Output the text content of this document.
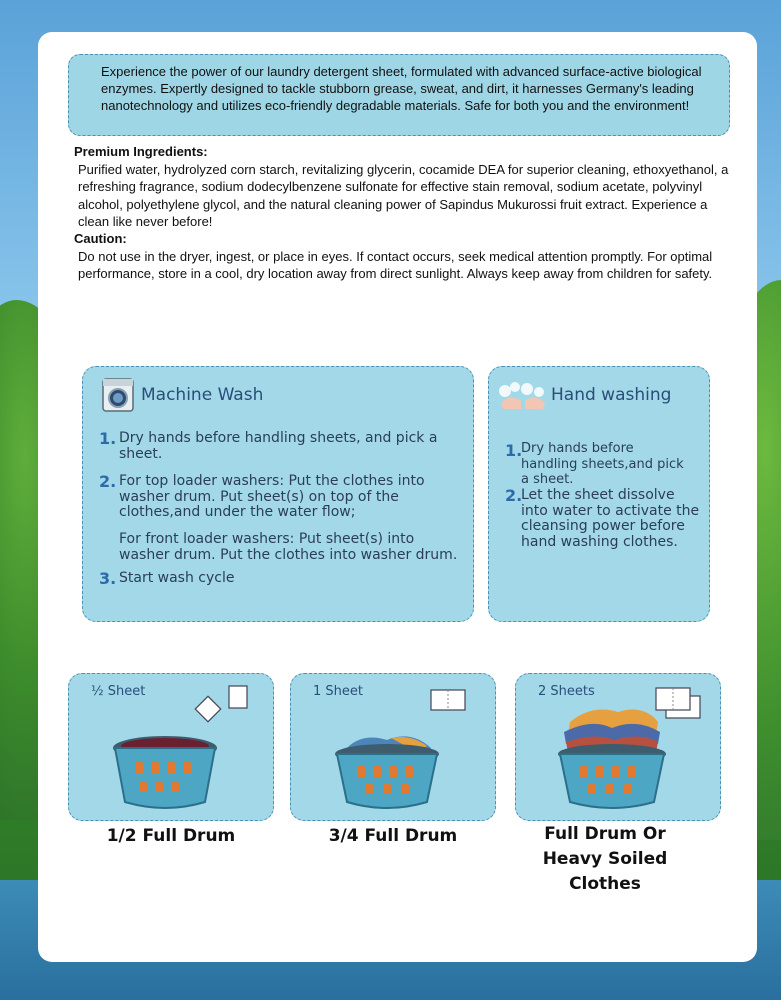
Experience the power of our laundry detergent sheet, formulated with advanced surface-active biological enzymes. Expertly designed to tackle stubborn grease, sweat, and dirt, it harnesses Germany's leading nanotechnology and utilizes eco-friendly degradable materials. Safe for both you and the environment!
Premium Ingredients:

Purified water, hydrolyzed corn starch, revitalizing glycerin, cocamide DEA for superior cleaning, ethoxyethanol, a refreshing fragrance, sodium dodecylbenzene sulfonate for effective stain removal, sodium acetate, polyvinyl alcohol, polyethylene glycol, and the natural cleaning power of Sapindus Mukurossi fruit extract. Experience a clean like never before!

Caution:

Do not use in the dryer, ingest, or place in eyes. If contact occurs, seek medical attention promptly. For optimal performance, store in a cool, dry location away from direct sunlight. Always keep away from children for safety.

Machine Wash
1. Dry hands before handling sheets, and pick a sheet.
2. For top loader washers: Put the clothes into washer drum. Put sheet(s) on top of the clothes,and under the water flow;
For front loader washers: Put sheet(s) into washer drum. Put the clothes into washer drum.
3. Start wash cycle
Hand washing
1.
Dry hands before handling sheets,and pick a sheet.
2.
Let the sheet dissolve into water to activate the cleansing power before hand washing clothes.
½ Sheet	1 Sheet	2 Sheets
1/2 Full Drum	3/4 Full Drum	Full Drum Or Heavy Soiled Clothes
